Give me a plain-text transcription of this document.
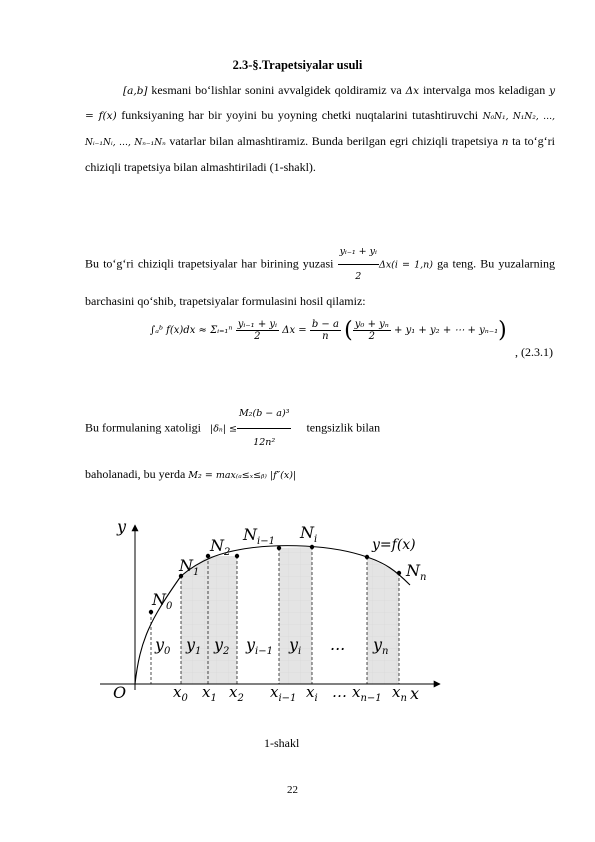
2.3-§.Trapetsiyalar usuli
[a,b] kesmani bo‘lishlar sonini avvalgidek qoldiramiz va Δx intervalga mos keladigan y = f(x) funksiyaning har bir yoyini bu yoyning chetki nuqtalarini tutashtiruvchi N₀N₁, N₁N₂, …, Nᵢ₋₁Nᵢ, …, Nₙ₋₁Nₙ vatarlar bilan almashtiramiz. Bunda berilgan egri chiziqli trapetsiya n ta to‘g‘ri chiziqli trapetsiya bilan almashtiriladi (1-shakl).
Bu to‘g‘ri chiziqli trapetsiyalar har birining yuzasi $\frac{\text{yᵢ₋₁ + yᵢ}}{2} \Delta x(i = 1,n)$ ga teng. Bu yuzalarning barchasini qo‘shib, trapetsiyalar formulasini hosil qilamiz:
∫ₐᵇ f(x)dx ≈ Σᵢ₌₁ⁿ $\frac{\text{yᵢ₋₁ + yᵢ}}{2}$ $\Delta x = \frac{b - a}{n}$ ( $\frac{\text{y₀ + yₙ}}{2} + y_1 + y_2$ + ⋯ + yₙ₋₁)
, (2.3.1)
Bu formulaning xatoligi $|\delta_n| \le \frac{\text{M₂(b − a)³}}{\text{12n²}}$ tengsizlik bilan
baholanadi, bu yerda M₂ = max₍ₐ≤ₓ≤ᵦ₎ |f″(x)|
y
x
O
y=f(x)
$N_0$
$N_1$
$N_2$
$N_{i-1}$ $N_i$
$N_n$
$y_0$ $y_1$ $y_2$ $y_{i-1}$ $y_i$ ... $y_n$
$x_0$ $x_1$ $x_2$ $x_{i-1}$ $x_i$ … $x_{n-1}$ $x_n$
1-shakl
22
